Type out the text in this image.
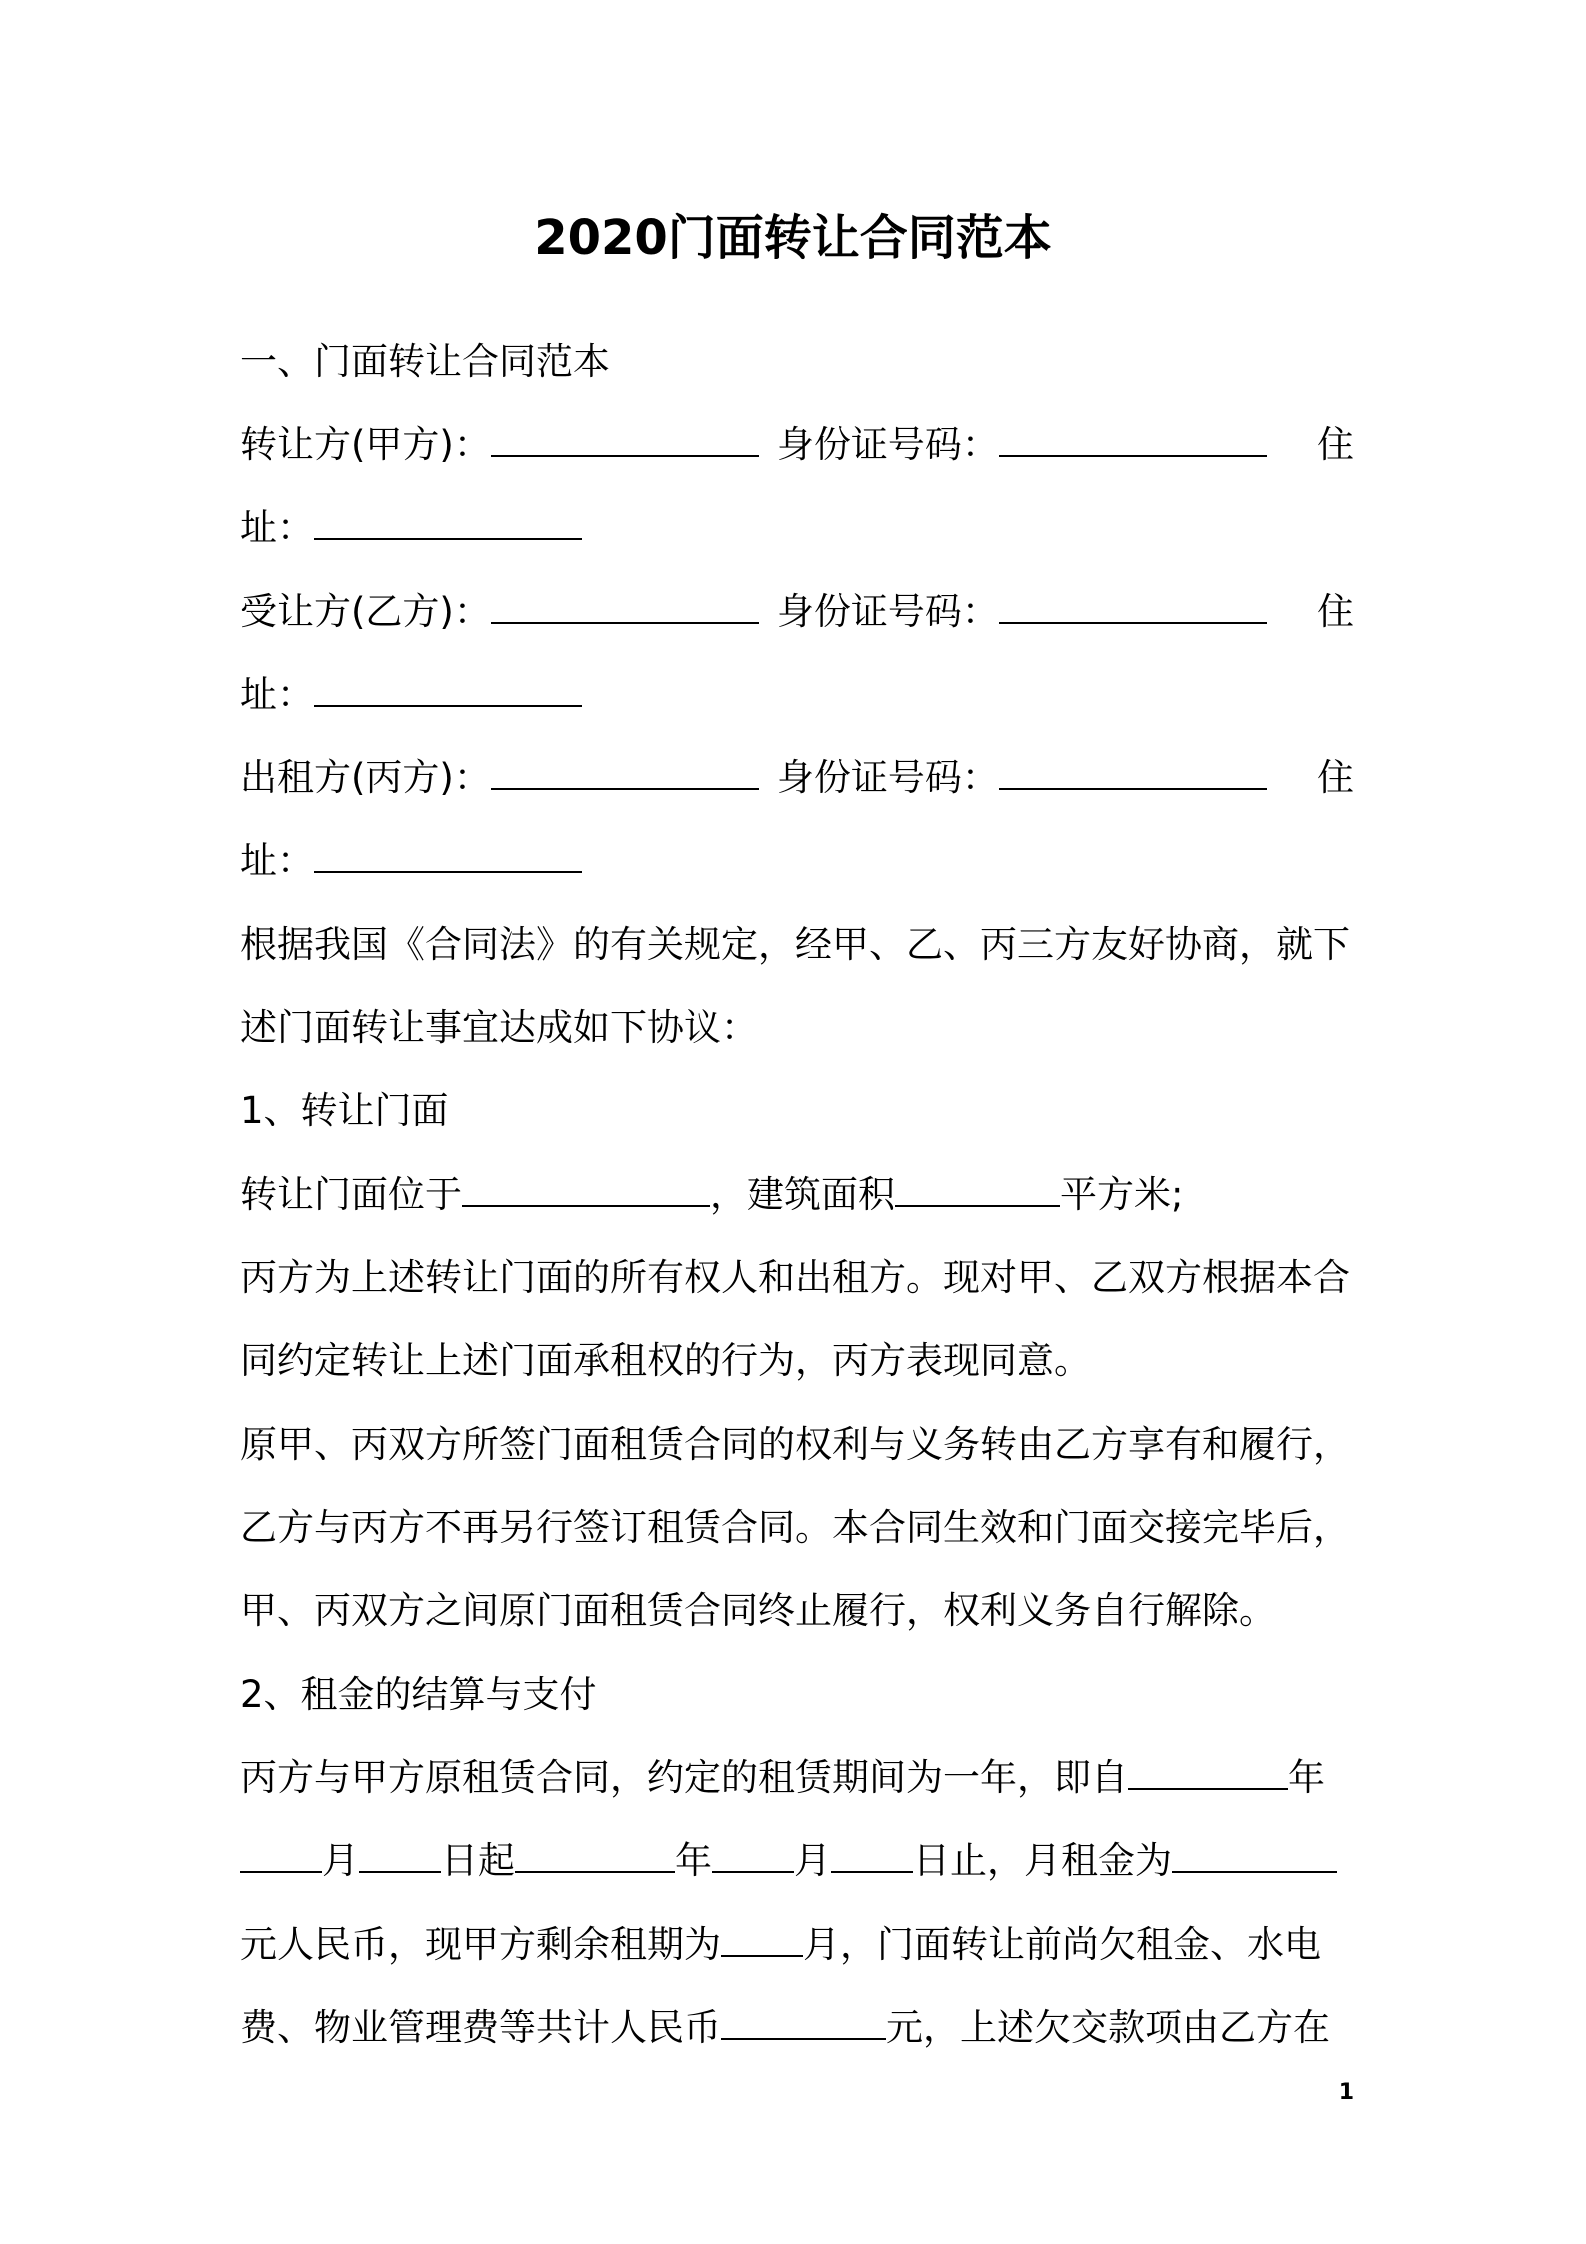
2020门面转让合同范本
一、门面转让合同范本
转让方(甲方)：	身份证号码：	住
址：
受让方(乙方)：	身份证号码：	住
址：
出租方(丙方)：	身份证号码：	住
址：
根据我国《合同法》的有关规定，经甲、乙、丙三方友好协商，就下
述门面转让事宜达成如下协议：
1、转让门面
转让门面位于	，建筑面积	平方米;
丙方为上述转让门面的所有权人和出租方。现对甲、乙双方根据本合
同约定转让上述门面承租权的行为，丙方表现同意。
原甲、丙双方所签门面租赁合同的权利与义务转由乙方享有和履行，
乙方与丙方不再另行签订租赁合同。本合同生效和门面交接完毕后，
甲、丙双方之间原门面租赁合同终止履行，权利义务自行解除。
2、租金的结算与支付
丙方与甲方原租赁合同，约定的租赁期间为一年，即自	年
月 日起	年 月 日止，月租金为
元人民币，现甲方剩余租期为 月，门面转让前尚欠租金、水电
费、物业管理费等共计人民币	元，上述欠交款项由乙方在
1
